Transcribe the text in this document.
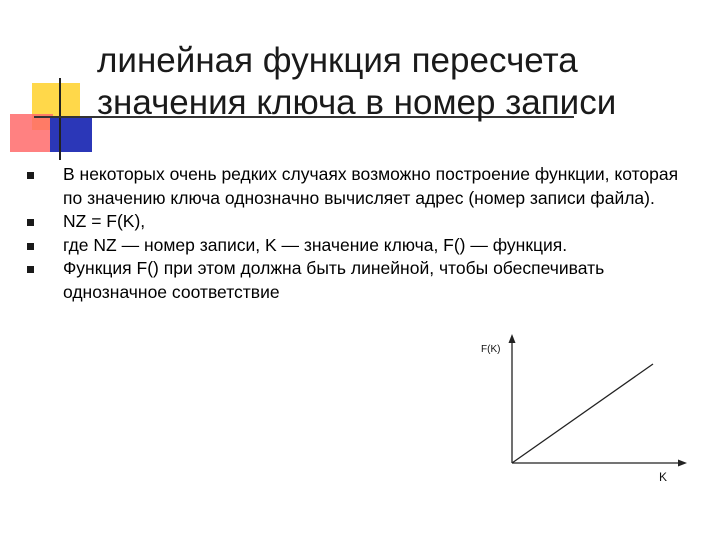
линейная функция пересчета значения ключа в номер записи
В некоторых очень редких случаях возможно построение функции, которая по значению ключа однозначно вычисляет адрес (номер записи файла).
NZ = F(K),
где NZ — номер записи, K — значение ключа, F() — функция.
Функция F() при этом должна быть линейной, чтобы обеспечивать однозначное соответствие
F(K)
K
